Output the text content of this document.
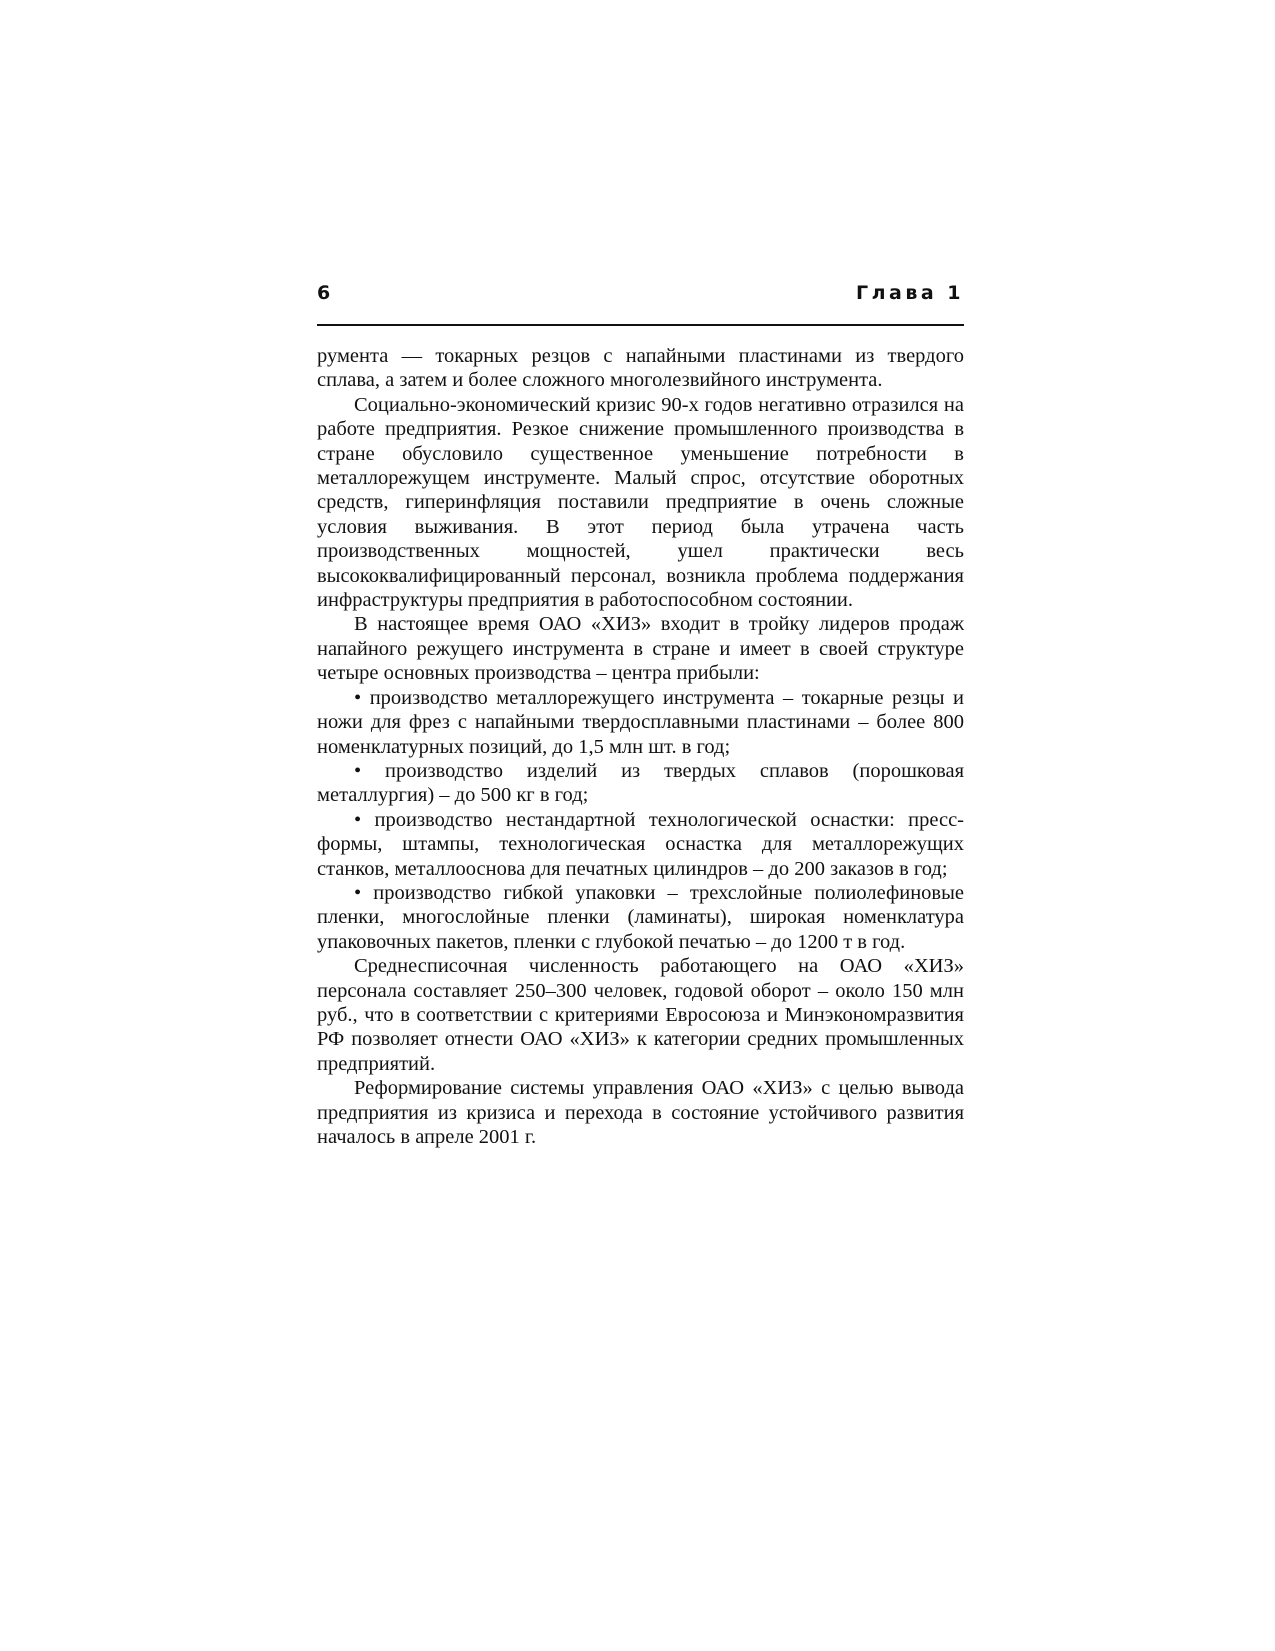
6	Глава 1

румента — токарных резцов с напайными пластинами из твердого сплава, а затем и более сложного многолезвийного инструмента.

Социально-экономический кризис 90-х годов негативно отразился на работе предприятия. Резкое снижение промышленного производства в стране обусловило существенное уменьшение потребности в металлорежущем инструменте. Малый спрос, отсутствие оборотных средств, гиперинфляция поставили предприятие в очень сложные условия выживания. В этот период была утрачена часть производственных мощностей, ушел практически весь высококвалифицированный персонал, возникла проблема поддержания инфраструктуры предприятия в работоспособном состоянии.

В настоящее время ОАО «ХИЗ» входит в тройку лидеров продаж напайного режущего инструмента в стране и имеет в своей структуре четыре основных производства – центра прибыли:

• производство металлорежущего инструмента – токарные резцы и ножи для фрез с напайными твердосплавными пластинами – более 800 номенклатурных позиций, до 1,5 млн шт. в год;

• производство изделий из твердых сплавов (порошковая металлургия) – до 500 кг в год;

• производство нестандартной технологической оснастки: пресс-формы, штампы, технологическая оснастка для металлорежущих станков, металлооснова для печатных цилиндров – до 200 заказов в год;

• производство гибкой упаковки – трехслойные полиолефиновые пленки, многослойные пленки (ламинаты), широкая номенклатура упаковочных пакетов, пленки с глубокой печатью – до 1200 т в год.

Среднесписочная численность работающего на ОАО «ХИЗ» персонала составляет 250–300 человек, годовой оборот – около 150 млн руб., что в соответствии с критериями Евросоюза и Минэкономразвития РФ позволяет отнести ОАО «ХИЗ» к категории средних промышленных предприятий.

Реформирование системы управления ОАО «ХИЗ» с целью вывода предприятия из кризиса и перехода в состояние устойчивого развития началось в апреле 2001 г.
